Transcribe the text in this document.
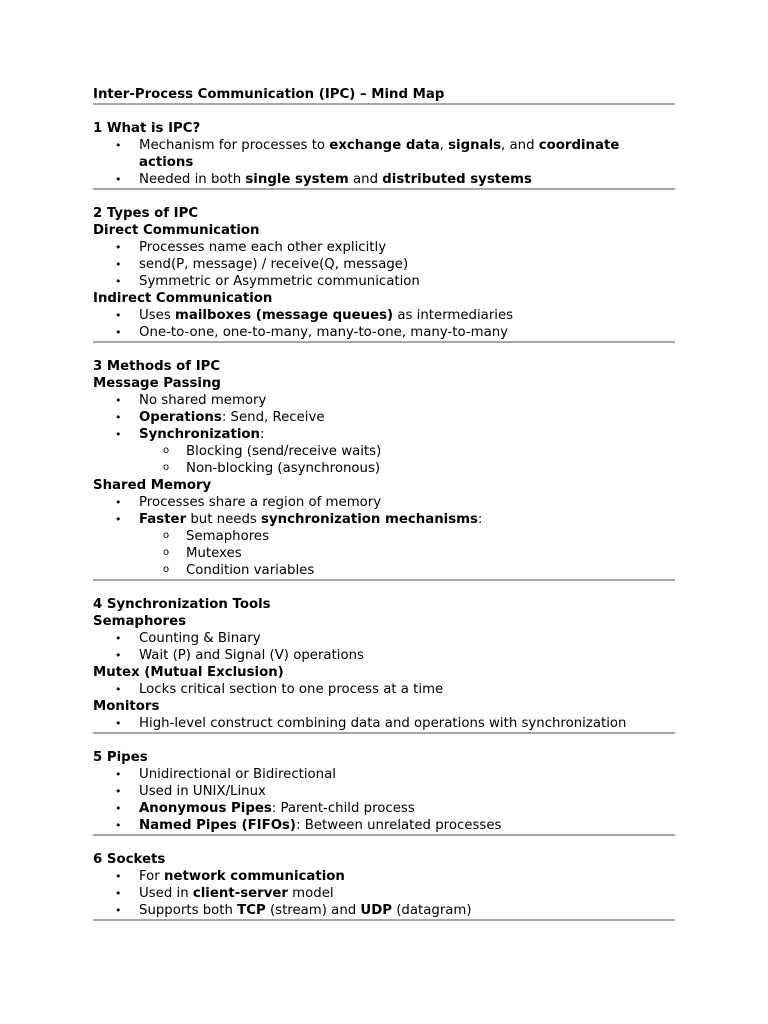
Inter-Process Communication (IPC) – Mind Map
1 What is IPC?
• Mechanism for processes to exchange data, signals, and coordinate actions
• Needed in both single system and distributed systems
2 Types of IPC
Direct Communication
• Processes name each other explicitly
• send(P, message) / receive(Q, message)
• Symmetric or Asymmetric communication
Indirect Communication
• Uses mailboxes (message queues) as intermediaries
• One-to-one, one-to-many, many-to-one, many-to-many
3 Methods of IPC
Message Passing
• No shared memory
• Operations: Send, Receive
• Synchronization:
o Blocking (send/receive waits)
o Non-blocking (asynchronous)
Shared Memory
• Processes share a region of memory
• Faster but needs synchronization mechanisms:
o Semaphores
o Mutexes
o Condition variables
4 Synchronization Tools
Semaphores
• Counting & Binary
• Wait (P) and Signal (V) operations
Mutex (Mutual Exclusion)
• Locks critical section to one process at a time
Monitors
• High-level construct combining data and operations with synchronization
5 Pipes
• Unidirectional or Bidirectional
• Used in UNIX/Linux
• Anonymous Pipes: Parent-child process
• Named Pipes (FIFOs): Between unrelated processes
6 Sockets
• For network communication
• Used in client-server model
• Supports both TCP (stream) and UDP (datagram)
